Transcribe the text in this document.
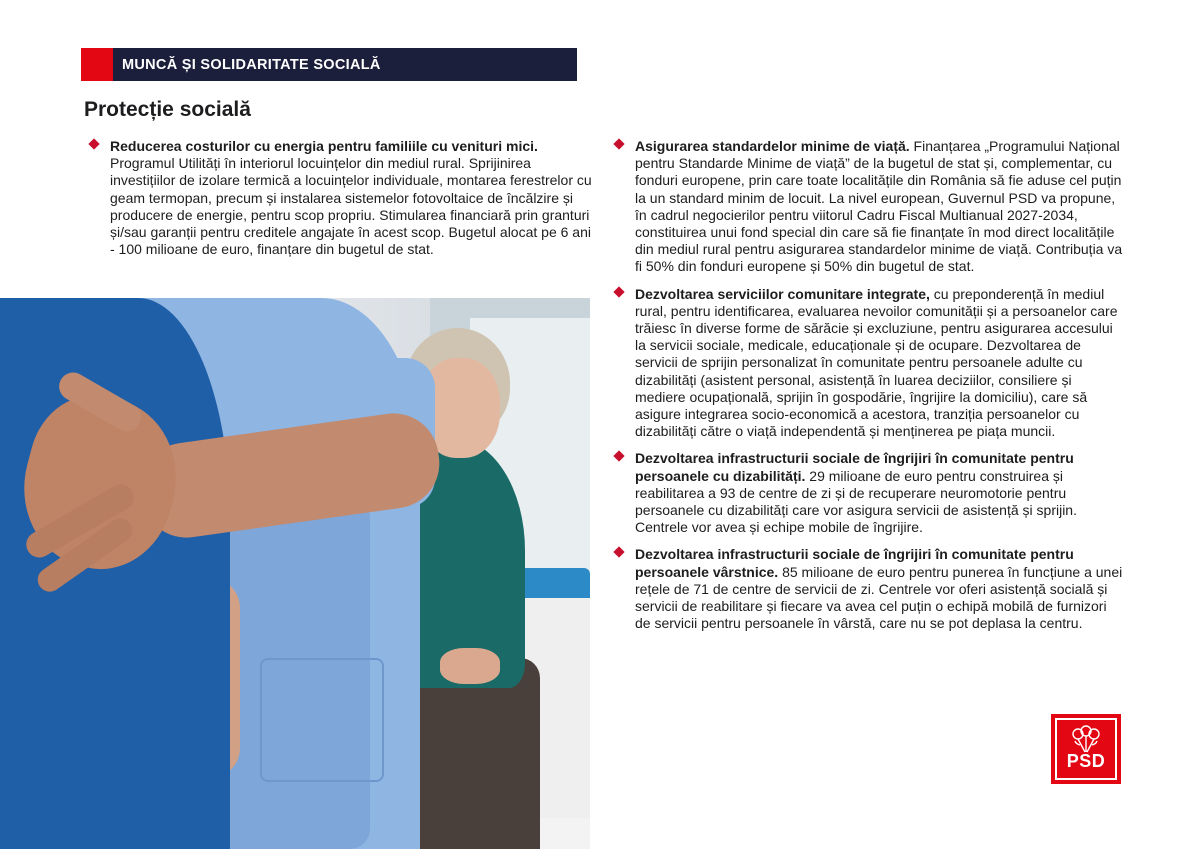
MUNCĂ ȘI SOLIDARITATE SOCIALĂ
Protecție socială
Reducerea costurilor cu energia pentru familiile cu venituri mici. Programul Utilități în interiorul locuințelor din mediul rural. Sprijinirea investițiilor de izolare termică a locuințelor individuale, montarea ferestrelor cu geam termopan, precum și instalarea sistemelor fotovoltaice de încălzire și producere de energie, pentru scop propriu. Stimularea financiară prin granturi și/sau garanții pentru creditele angajate în acest scop. Bugetul alocat pe 6 ani - 100 milioane de euro, finanțare din bugetul de stat.
Asigurarea standardelor minime de viață. Finanțarea „Programului Național pentru Standarde Minime de viață” de la bugetul de stat și, complementar, cu fonduri europene, prin care toate localitățile din România să fie aduse cel puțin la un standard minim de locuit. La nivel european, Guvernul PSD va propune, în cadrul negocierilor pentru viitorul Cadru Fiscal Multianual 2027-2034, constituirea unui fond special din care să fie finanțate în mod direct localitățile din mediul rural pentru asigurarea standardelor minime de viață. Contribuția va fi 50% din fonduri europene și 50% din bugetul de stat.
Dezvoltarea serviciilor comunitare integrate, cu preponderență în mediul rural, pentru identificarea, evaluarea nevoilor comunității și a persoanelor care trăiesc în diverse forme de sărăcie și excluziune, pentru asigurarea accesului la servicii sociale, medicale, educaționale și de ocupare. Dezvoltarea de servicii de sprijin personalizat în comunitate pentru persoanele adulte cu dizabilități (asistent personal, asistență în luarea deciziilor, consiliere și mediere ocupațională, sprijin în gospodărie, îngrijire la domiciliu), care să asigure integrarea socio-economică a acestora, tranziția persoanelor cu dizabilități către o viață independentă și menținerea pe piața muncii.
Dezvoltarea infrastructurii sociale de îngrijiri în comunitate pentru persoanele cu dizabilități. 29 milioane de euro pentru construirea și reabilitarea a 93 de centre de zi și de recuperare neuromotorie pentru persoanele cu dizabilități care vor asigura servicii de asistență și sprijin. Centrele vor avea și echipe mobile de îngrijire.
Dezvoltarea infrastructurii sociale de îngrijiri în comunitate pentru persoanele vârstnice. 85 milioane de euro pentru punerea în funcțiune a unei rețele de 71 de centre de servicii de zi. Centrele vor oferi asistență socială și servicii de reabilitare și fiecare va avea cel puțin o echipă mobilă de furnizori de servicii pentru persoanele în vârstă, care nu se pot deplasa la centru.
PSD
